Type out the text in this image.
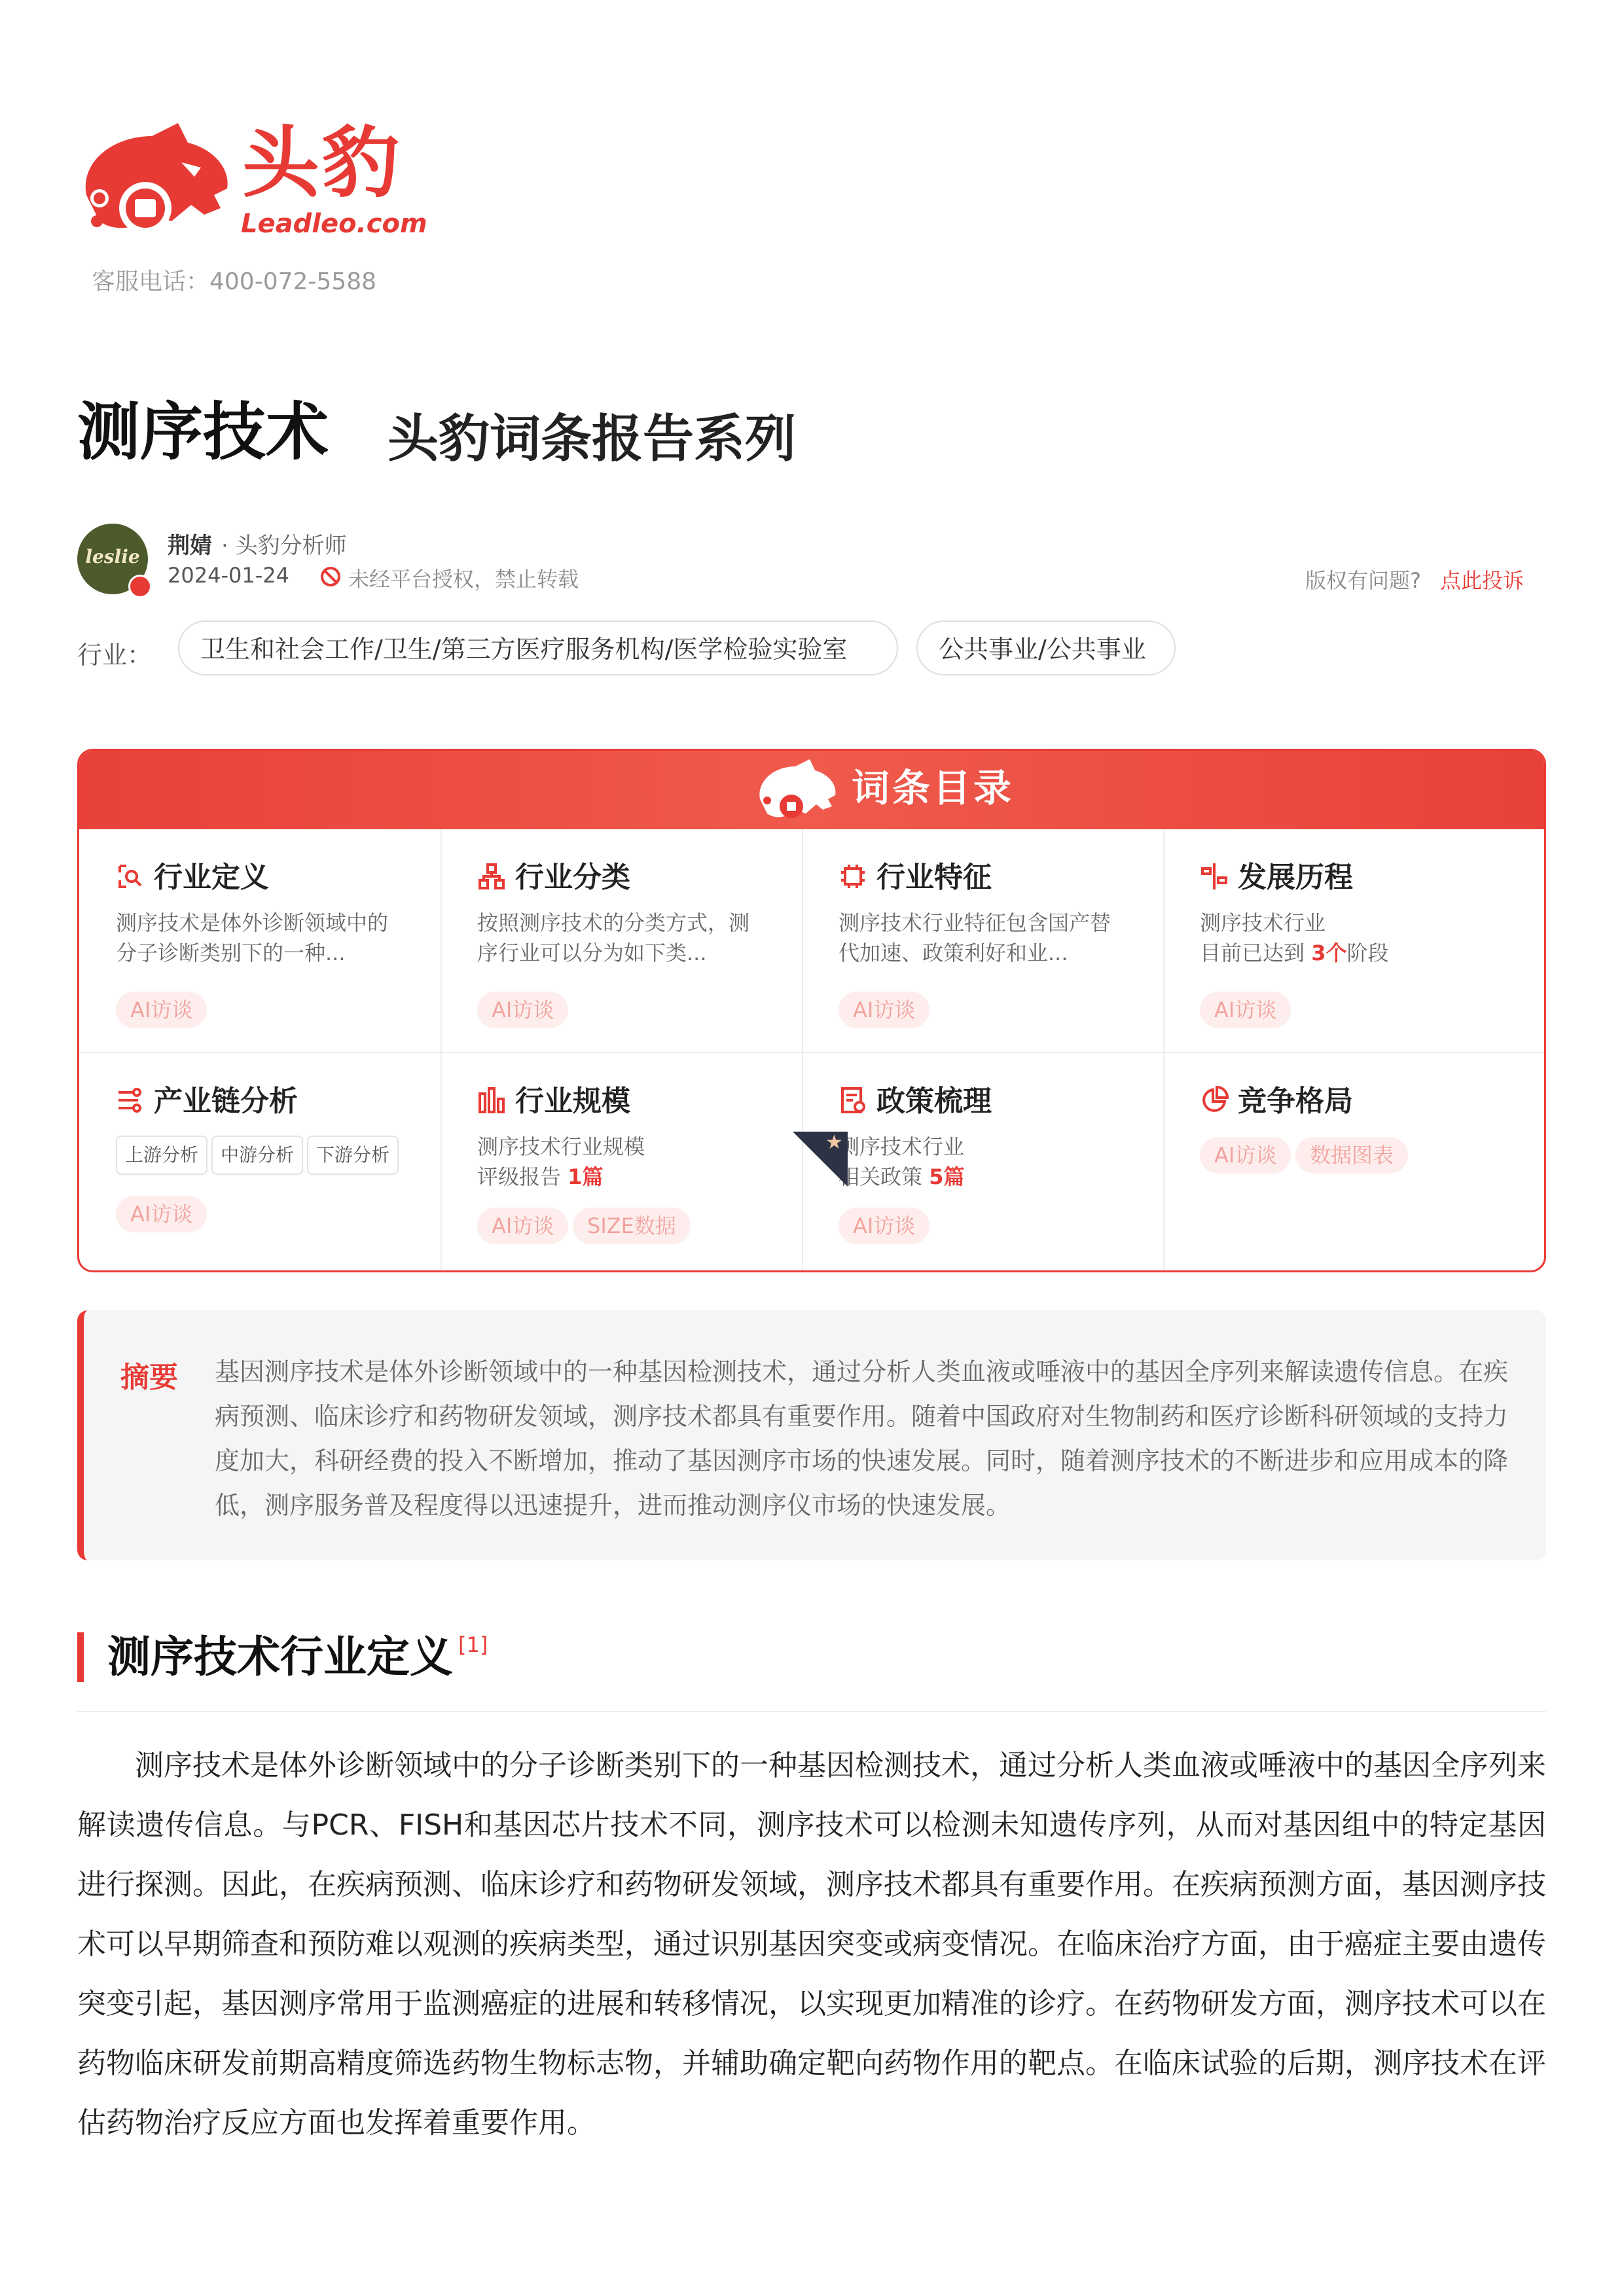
头豹
Leadleo.com
客服电话：400-072-5588
测序技术 头豹词条报告系列
leslie	荆婧 · 头豹分析师
2024-01-24	未经平台授权，禁止转载	版权有问题? 点此投诉
行业：	卫生和社会工作/卫生/第三方医疗服务机构/医学检验实验室	公共事业/公共事业
词条目录
行业定义
测序技术是体外诊断领域中的分子诊断类别下的一种...
AI访谈
行业分类
按照测序技术的分类方式，测序行业可以分为如下类...
AI访谈
行业特征
测序技术行业特征包含国产替代加速、政策利好和业...
AI访谈
发展历程
测序技术行业
目前已达到 3个阶段
AI访谈
产业链分析
上游分析	中游分析	下游分析
AI访谈
行业规模
测序技术行业规模
评级报告 1篇
AI访谈	SIZE数据
政策梳理
测序技术行业
相关政策 5篇
AI访谈
竞争格局
AI访谈	数据图表
★
摘要 基因测序技术是体外诊断领域中的一种基因检测技术，通过分析人类血液或唾液中的基因全序列来解读遗传信息。在疾病预测、临床诊疗和药物研发领域，测序技术都具有重要作用。随着中国政府对生物制药和医疗诊断科研领域的支持力度加大，科研经费的投入不断增加，推动了基因测序市场的快速发展。同时，随着测序技术的不断进步和应用成本的降低，测序服务普及程度得以迅速提升，进而推动测序仪市场的快速发展。
测序技术行业定义 [1]
测序技术是体外诊断领域中的分子诊断类别下的一种基因检测技术，通过分析人类血液或唾液中的基因全序列来解读遗传信息。与PCR、FISH和基因芯片技术不同，测序技术可以检测未知遗传序列，从而对基因组中的特定基因进行探测。因此，在疾病预测、临床诊疗和药物研发领域，测序技术都具有重要作用。在疾病预测方面，基因测序技术可以早期筛查和预防难以观测的疾病类型，通过识别基因突变或病变情况。在临床治疗方面，由于癌症主要由遗传突变引起，基因测序常用于监测癌症的进展和转移情况，以实现更加精准的诊疗。在药物研发方面，测序技术可以在药物临床研发前期高精度筛选药物生物标志物，并辅助确定靶向药物作用的靶点。在临床试验的后期，测序技术在评估药物治疗反应方面也发挥着重要作用。
